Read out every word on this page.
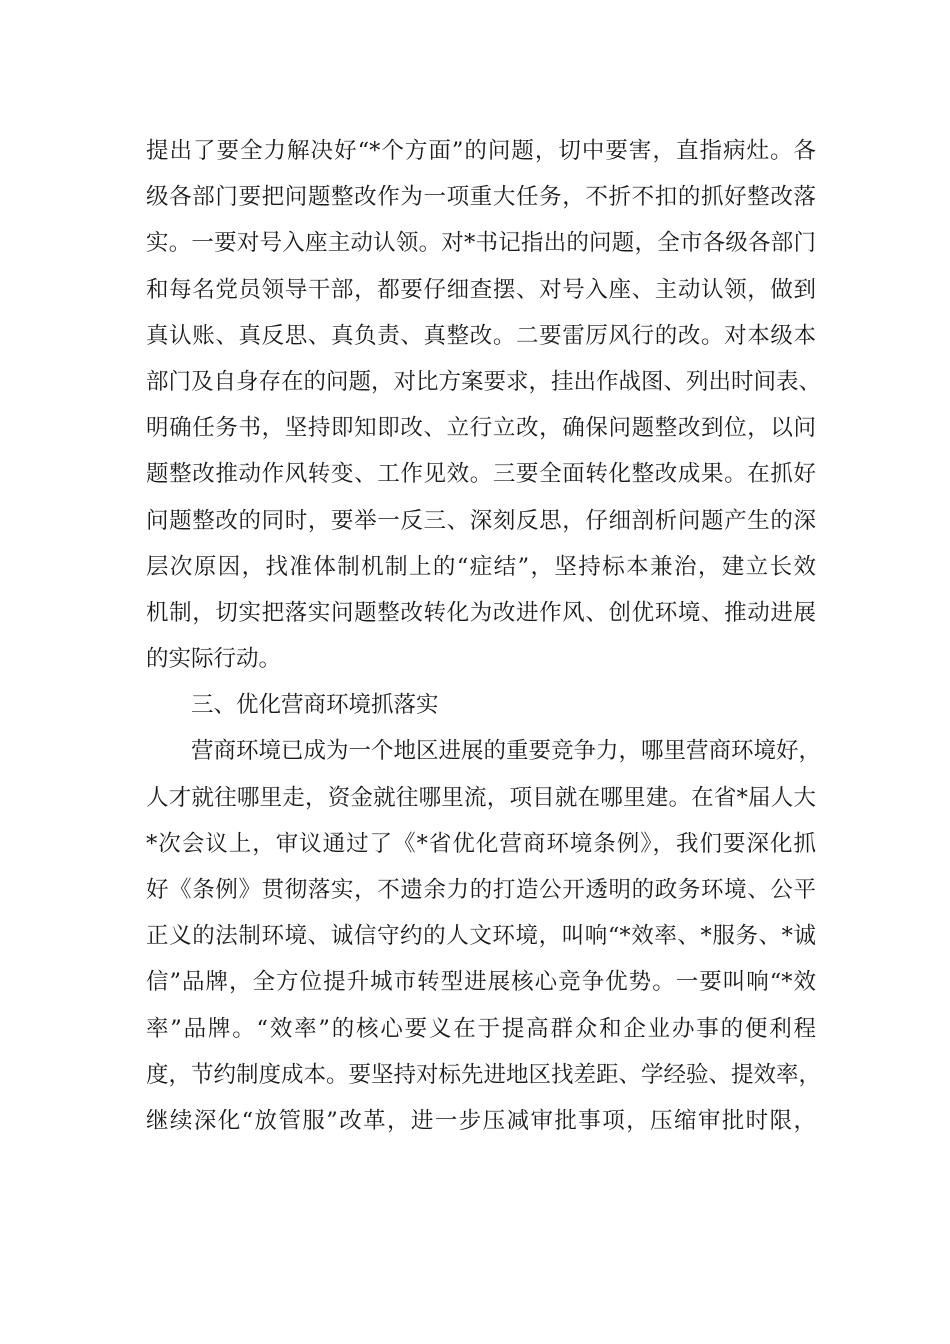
提出了要全力解决好“*个方面”的问题，切中要害，直指病灶。各
级各部门要把问题整改作为一项重大任务，不折不扣的抓好整改落
实。一要对号入座主动认领。对*书记指出的问题，全市各级各部门
和每名党员领导干部，都要仔细查摆、对号入座、主动认领，做到
真认账、真反思、真负责、真整改。二要雷厉风行的改。对本级本
部门及自身存在的问题，对比方案要求，挂出作战图、列出时间表、
明确任务书，坚持即知即改、立行立改，确保问题整改到位，以问
题整改推动作风转变、工作见效。三要全面转化整改成果。在抓好
问题整改的同时，要举一反三、深刻反思，仔细剖析问题产生的深
层次原因，找准体制机制上的“症结”，坚持标本兼治，建立长效
机制，切实把落实问题整改转化为改进作风、创优环境、推动进展
的实际行动。
三、优化营商环境抓落实
营商环境已成为一个地区进展的重要竞争力，哪里营商环境好，
人才就往哪里走，资金就往哪里流，项目就在哪里建。在省*届人大
*次会议上，审议通过了《*省优化营商环境条例》，我们要深化抓
好《条例》贯彻落实，不遗余力的打造公开透明的政务环境、公平
正义的法制环境、诚信守约的人文环境，叫响“*效率、*服务、*诚
信”品牌，全方位提升城市转型进展核心竞争优势。一要叫响“*效
率”品牌。“效率”的核心要义在于提高群众和企业办事的便利程
度，节约制度成本。要坚持对标先进地区找差距、学经验、提效率，
继续深化“放管服”改革，进一步压减审批事项，压缩审批时限，
